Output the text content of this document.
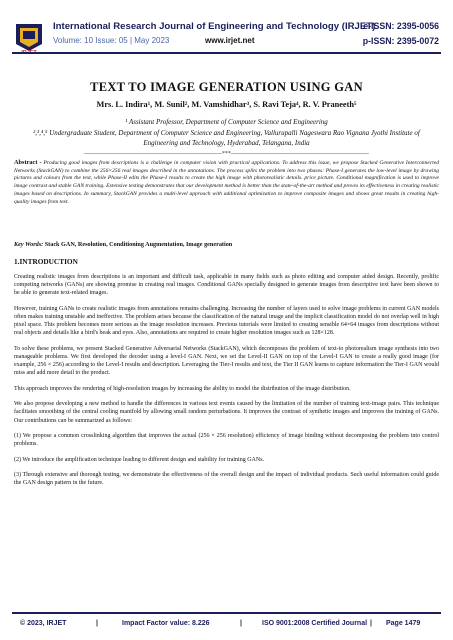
International Research Journal of Engineering and Technology (IRJET)
e-ISSN: 2395-0056
Volume: 10 Issue: 05 | May 2023	www.irjet.net	p-ISSN: 2395-0072
TEXT TO IMAGE GENERATION USING GAN
Mrs. L. Indira¹, M. Sunil², M. Vamshidhar³, S. Ravi Teja⁴, R. V. Praneeth⁵
¹ Assistant Professor, Department of Computer Science and Engineering
²,³,⁴,⁵ Undergraduate Student, Department of Computer Science and Engineering, Vallurupalli Nageswara Rao Vignana Jyothi Institute of Engineering and Technology, Hyderabad, Telangana, India
---------------------------------------------------------------------***---------------------------------------------------------------------
Abstract - Producing good images from descriptions is a challenge in computer vision with practical applications. To address this issue, we propose Stacked Generative Interconnected Networks (StackGAN) to combine the 256×256 real images described in the annotations. The process splits the problem into two phases: Phase-I generates the low-level image by drawing pictures and colours from the text, while Phase-II edits the Phase-I results to create the high image with photorealistic details. price picture. Conditional magnification is used to improve image contrast and stable GAN training. Extensive testing demonstrates that our development method is better than the state-of-the-art method and proves its effectiveness in creating realistic images based on descriptions. In summary, StackGAN provides a multi-level approach with additional optimization to improve composite images and shows great results in creating high-quality images from text.
Key Words: Stack GAN, Resolution, Conditioning Augmentation, Image generation
1.INTRODUCTION

Creating realistic images from descriptions is an important and difficult task, applicable in many fields such as photo editing and computer aided design. Recently, prolific competing networks (GANs) are showing promise in creating real images. Conditional GANs specially designed to generate images from descriptive text have been shown to be able to generate text-related images.

However, training GANs to create realistic images from annotations remains challenging. Increasing the number of layers used to solve image problems in current GAN models often makes training unstable and ineffective. The problem arises because the classification of the natural image and the implicit classification model do not overlap well in high pixel space. This problem becomes more serious as the image resolution increases. Previous tutorials were limited to creating sensible 64×64 images from descriptions without real objects and details like a bird's beak and eyes. Also, annotations are required to create higher resolution images such as 128×128.

To solve these problems, we present Stacked Generative Adversarial Networks (StackGAN), which decomposes the problem of text-to photorealism image synthesis into two manageable problems. We first developed the decoder using a level-I GAN. Next, we set the Level-II GAN on top of the Level-I GAN to create a really good image (for example, 256 × 256) according to the Level-I results and description. Leveraging the Tier-I results and text, the Tier II GAN learns to capture information the Tier-I GAN would miss and add more detail to the product.

This approach improves the rendering of high-resolution images by increasing the ability to model the distribution of the image distribution.

We also propose developing a new method to handle the differences in various text events caused by the limitation of the number of training text-image pairs. This technique facilitates smoothing of the central cooling manifold by allowing small random perturbations. It improves the contrast of synthetic images and improves the training of GANs. Our contributions can be summarized as follows:

(1) We propose a common crosslinking algorithm that improves the actual (256 × 256 resolution) efficiency of image binding without decomposing the problem into control problems.

(2) We introduce the amplification technique leading to different design and stability for training GANs.

(3) Through extensive and thorough testing, we demonstrate the effectiveness of the overall design and the impact of individual products. Such useful information could guide the GAN design pattern in the future.

© 2023, IRJET	|	Impact Factor value: 8.226	|	ISO 9001:2008 Certified Journal | Page 1479
